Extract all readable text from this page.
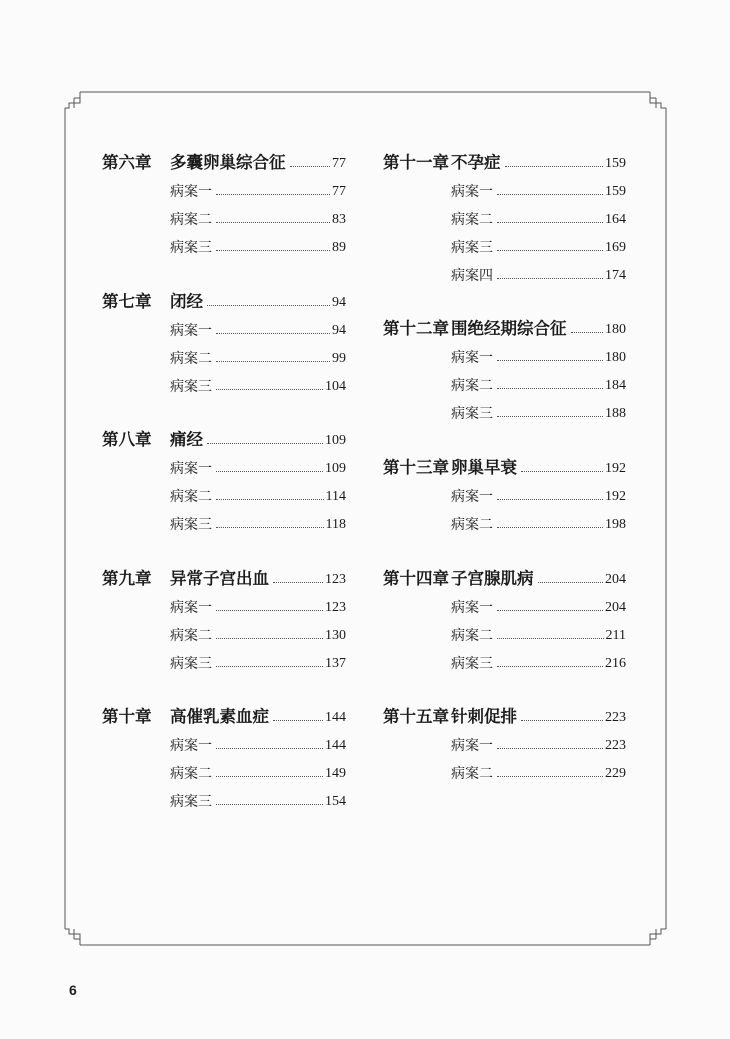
第六章	多囊卵巢综合征	77
病案一	77
病案二	83
病案三	89
第七章	闭经	94
病案一	94
病案二	99
病案三	104
第八章	痛经	109
病案一	109
病案二	114
病案三	118
第九章	异常子宫出血	123
病案一	123
病案二	130
病案三	137
第十章	高催乳素血症	144
病案一	144
病案二	149
病案三	154
第十一章 不孕症	159
病案一	159
病案二	164
病案三	169
病案四	174
第十二章 围绝经期综合征	180
病案一	180
病案二	184
病案三	188
第十三章 卵巢早衰	192
病案一	192
病案二	198
第十四章 子宫腺肌病	204
病案一	204
病案二	211
病案三	216
第十五章 针刺促排	223
病案一	223
病案二	229
6
